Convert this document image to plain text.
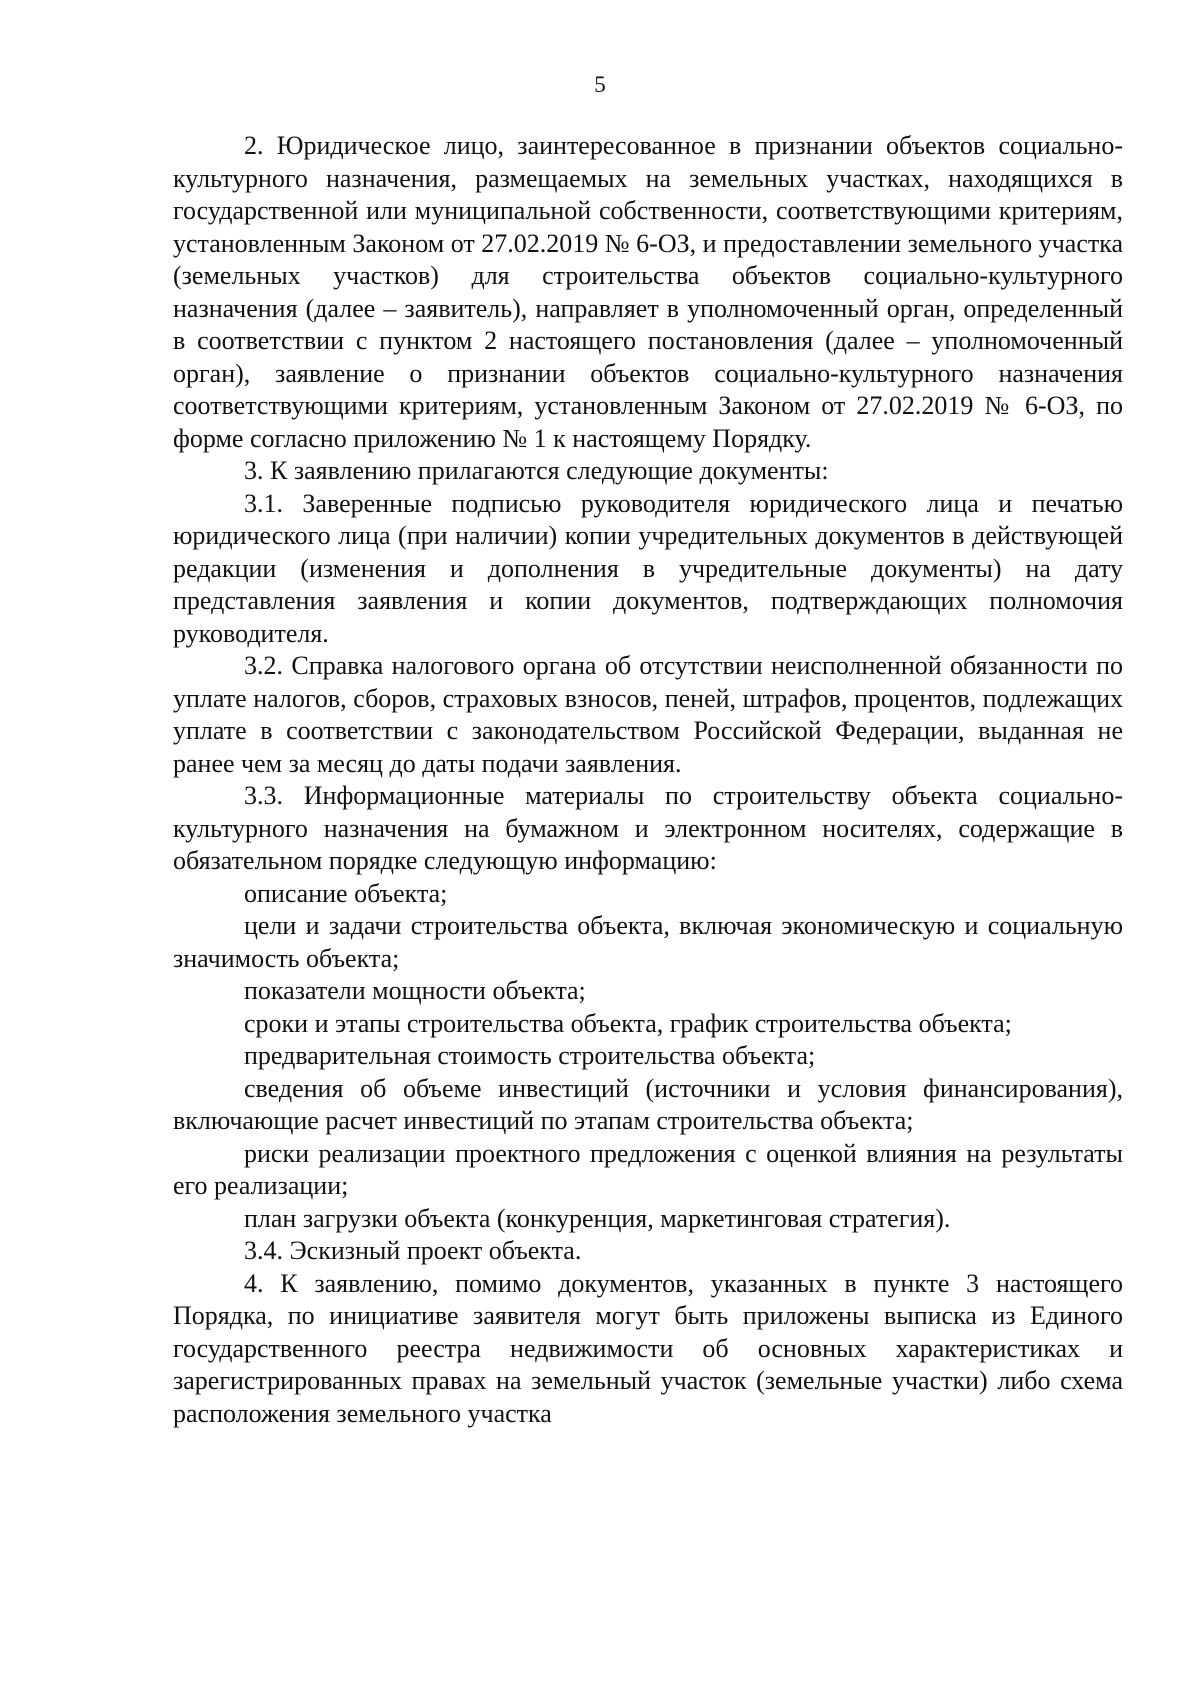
5

2. Юридическое лицо, заинтересованное в признании объектов социально-культурного назначения, размещаемых на земельных участках, находящихся в государственной или муниципальной собственности, соответствующими критериям, установленным Законом от 27.02.2019 № 6-ОЗ, и предоставлении земельного участка (земельных участков) для строительства объектов социально-культурного назначения (далее – заявитель), направляет в уполномоченный орган, определенный в соответствии с пунктом 2 настоящего постановления (далее – уполномоченный орган), заявление о признании объектов социально-культурного назначения соответствующими критериям, установленным Законом от 27.02.2019 № 6-ОЗ, по форме согласно приложению № 1 к настоящему Порядку.

3. К заявлению прилагаются следующие документы:

3.1. Заверенные подписью руководителя юридического лица и печатью юридического лица (при наличии) копии учредительных документов в действующей редакции (изменения и дополнения в учредительные документы) на дату представления заявления и копии документов, подтверждающих полномочия руководителя.

3.2. Справка налогового органа об отсутствии неисполненной обязанности по уплате налогов, сборов, страховых взносов, пеней, штрафов, процентов, подлежащих уплате в соответствии с законодательством Российской Федерации, выданная не ранее чем за месяц до даты подачи заявления.

3.3. Информационные материалы по строительству объекта социально-культурного назначения на бумажном и электронном носителях, содержащие в обязательном порядке следующую информацию:

описание объекта;

цели и задачи строительства объекта, включая экономическую и социальную значимость объекта;

показатели мощности объекта;

сроки и этапы строительства объекта, график строительства объекта;

предварительная стоимость строительства объекта;

сведения об объеме инвестиций (источники и условия финансирования), включающие расчет инвестиций по этапам строительства объекта;

риски реализации проектного предложения с оценкой влияния на результаты его реализации;

план загрузки объекта (конкуренция, маркетинговая стратегия).

3.4. Эскизный проект объекта.

4. К заявлению, помимо документов, указанных в пункте 3 настоящего Порядка, по инициативе заявителя могут быть приложены выписка из Единого государственного реестра недвижимости об основных характеристиках и зарегистрированных правах на земельный участок (земельные участки) либо схема расположения земельного участка
